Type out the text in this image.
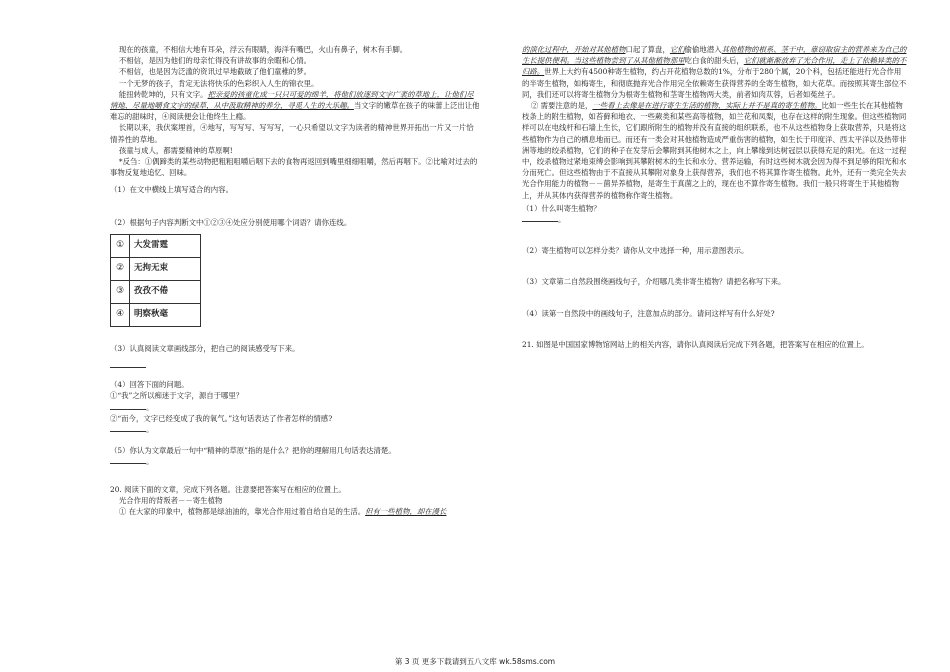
现在的孩童，不相信大地有耳朵，浮云有眼睛，海洋有嘴巴，火山有鼻子，树木有手脚。

不相信，是因为他们的母亲忙得没有讲故事的余暇和心情。

不相信，也是因为泛滥的资讯过早地截破了他们童稚的梦。

一个无梦的孩子，肯定无法将快乐的色彩织入人生的锦衣里。

能扭转乾坤的，只有文字。把亲爱的孩童化成一只只可爱的绵羊，将他们放逐到文字广袤的草地上，让他们尽情地、尽量地嚼食文字的绿草，从中汲取精神的养分，寻觅人生的大乐趣。当文字的嫩草在孩子的味蕾上泛出让他难忘的甜味时，④阅读便会让他终生上瘾。

长期以来，我伏案埋首，④地写，写写写、写写写，一心只希望以文字为读者的精神世界开拓出一片又一片恰情养性的草地。

孩童与成人，都需要精神的草原啊!

*反刍：①偶蹄类的某些动物把粗粗咀嚼后咽下去的食物再返回到嘴里细细咀嚼，然后再咽下。②比喻对过去的事物反复地追忆、回味。

（1）在文中横线上填写适合的内容。

（2）根据句子内容判断文中①②③④处应分别使用哪个词语？请你连线。

①	大发雷霆
②	无拘无束
③	孜孜不倦
④	明察秋毫

（3）认真阅读文章画线部分，把自己的阅读感受写下来。

（4）回答下面的问题。

①“我”之所以痴迷于文字，源自于哪里？

。

②“而今，文字已经变成了我的氧气。”这句话表达了作者怎样的情感?

。

（5）你认为文章最后一句中“精神的草原”指的是什么？把你的理解用几句话表达清楚。

。

20. 阅读下面的文章，完成下列各题。注意要把答案写在相应的位置上。

光合作用的背叛者－－寄生植物

① 在大家的印象中，植物都是绿油油的，靠光合作用过着自给自足的生活。但有一些植物，却在漫长

的演化过程中，开始对其他植物口起了算盘，它们偷偷地潜入其他植物的根系、茎干中，靠窃取宿主的营养来为自己的生长提供便利。当这些植物尝到了从其他植物那里吃白食的甜头后，它们就渐渐放弃了光合作用，走上了依赖异类的不归路。世界上大约有4500种寄生植物，约占开花植物总数的1%，分布于280个属，20个科，包括还能进行光合作用的半寄生植物，如梅寄生，和彻底抛弃光合作用完全依赖寄生获得营养的全寄生植物，如大花草。而按照其寄生部位不同，我们还可以将寄生植物分为根寄生植物和茎寄生植物两大类，前者如肉苁蓉，后者如菟丝子。

② 需要注意的是，一些看上去像是在进行寄生生活的植物，实际上并不是真的寄生植物。比如一些生长在其他植物枝条上的附生植物，如苔藓和地衣、一些蕨类和某些高等植物，如兰花和凤梨，也存在这样的附生现象。但这些植物同样可以在电线杆和石墙上生长，它们跟所附生的植物并没有直接的组织联系，也不从这些植物身上获取营养，只是将这些植物作为自己的栖息地而已。而还有一类会对其他植物造成严重伤害的植物，如生长于印度洋、西太平洋以及热带非洲等地的绞杀植物，它们的种子在发芽后会攀附到其他树木之上，向上攀缘到达树冠层以获得充足的阳光。在这一过程中，绞杀植物过紧地束缚会影响到其攀附树木的生长和水分、营养运输，有时这些树木就会因为得不到足够的阳光和水分而死亡。但这些植物由于不直接从其攀附对象身上获得营养，我们也不将其算作寄生植物。此外，还有一类完全失去光合作用能力的植物－－菌异养植物，是寄生于真菌之上的，现在也不算作寄生植物。我们一般只将寄生于其他植物上，并从其体内获得营养的植物称作寄生植物。

（1）什么叫寄生植物？

。

（2）寄生植物可以怎样分类？请你从文中选择一种，用示意图表示。

（3）文章第二自然段围绕画线句子，介绍哪几类非寄生植物？请把名称写下来。

（4）读第一自然段中的画线句子，注意加点的部分。请问这样写有什么好处?

21. 如图是中国国家博物馆网站上的相关内容，请你认真阅读后完成下列各题，把答案写在相应的位置上。

第 3 页 更多下载请到五八文库 wk.58sms.com
